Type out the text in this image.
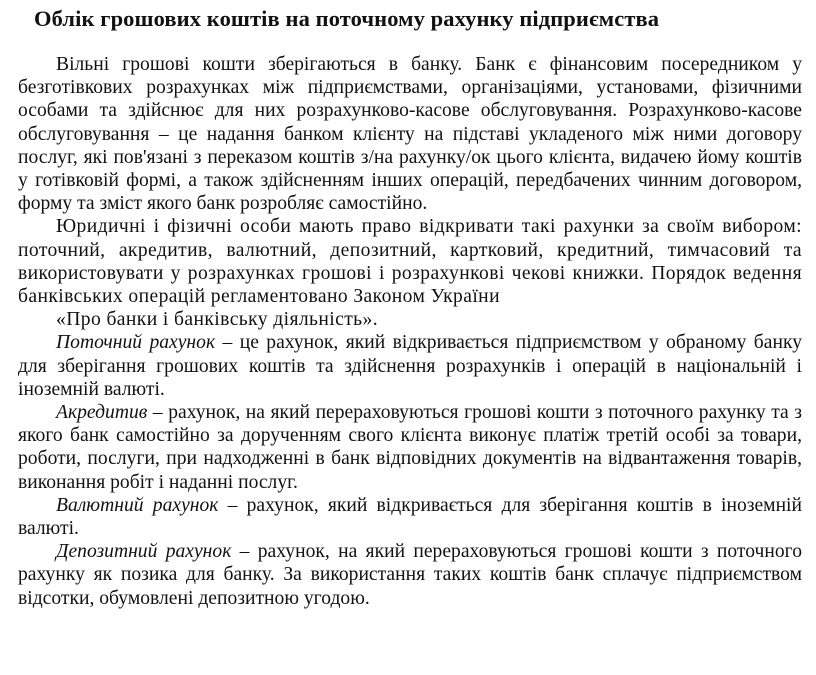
Облік грошових коштів на поточному рахунку підприємства

Вільні грошові кошти зберігаються в банку. Банк є фінансовим посередником у безготівкових розрахунках між підприємствами, організаціями, установами, фізичними особами та здійснює для них розрахунково-касове обслуговування. Розрахунково-касове обслуговування – це надання банком клієнту на підставі укладеного між ними договору послуг, які пов'язані з переказом коштів з/на рахунку/ок цього клієнта, видачею йому коштів у готівковій формі, а також здійсненням інших операцій, передбачених чинним договором, форму та зміст якого банк розробляє самостійно.

Юридичні і фізичні особи мають право відкривати такі рахунки за своїм вибором: поточний, акредитив, валютний, депозитний, картковий, кредитний, тимчасовий та використовувати у розрахунках грошові і розрахункові чекові книжки. Порядок ведення банківських операцій регламентовано Законом України
«Про банки і банківську діяльність».

Поточний рахунок – це рахунок, який відкривається підприємством у обраному банку для зберігання грошових коштів та здійснення розрахунків і операцій в національній і іноземній валюті.

Акредитив – рахунок, на який перераховуються грошові кошти з поточного рахунку та з якого банк самостійно за дорученням свого клієнта виконує платіж третій особі за товари, роботи, послуги, при надходженні в банк відповідних документів на відвантаження товарів, виконання робіт і наданні послуг.

Валютний рахунок – рахунок, який відкривається для зберігання коштів в іноземній валюті.

Депозитний рахунок – рахунок, на який перераховуються грошові кошти з поточного рахунку як позика для банку. За використання таких коштів банк сплачує підприємством відсотки, обумовлені депозитною угодою.
